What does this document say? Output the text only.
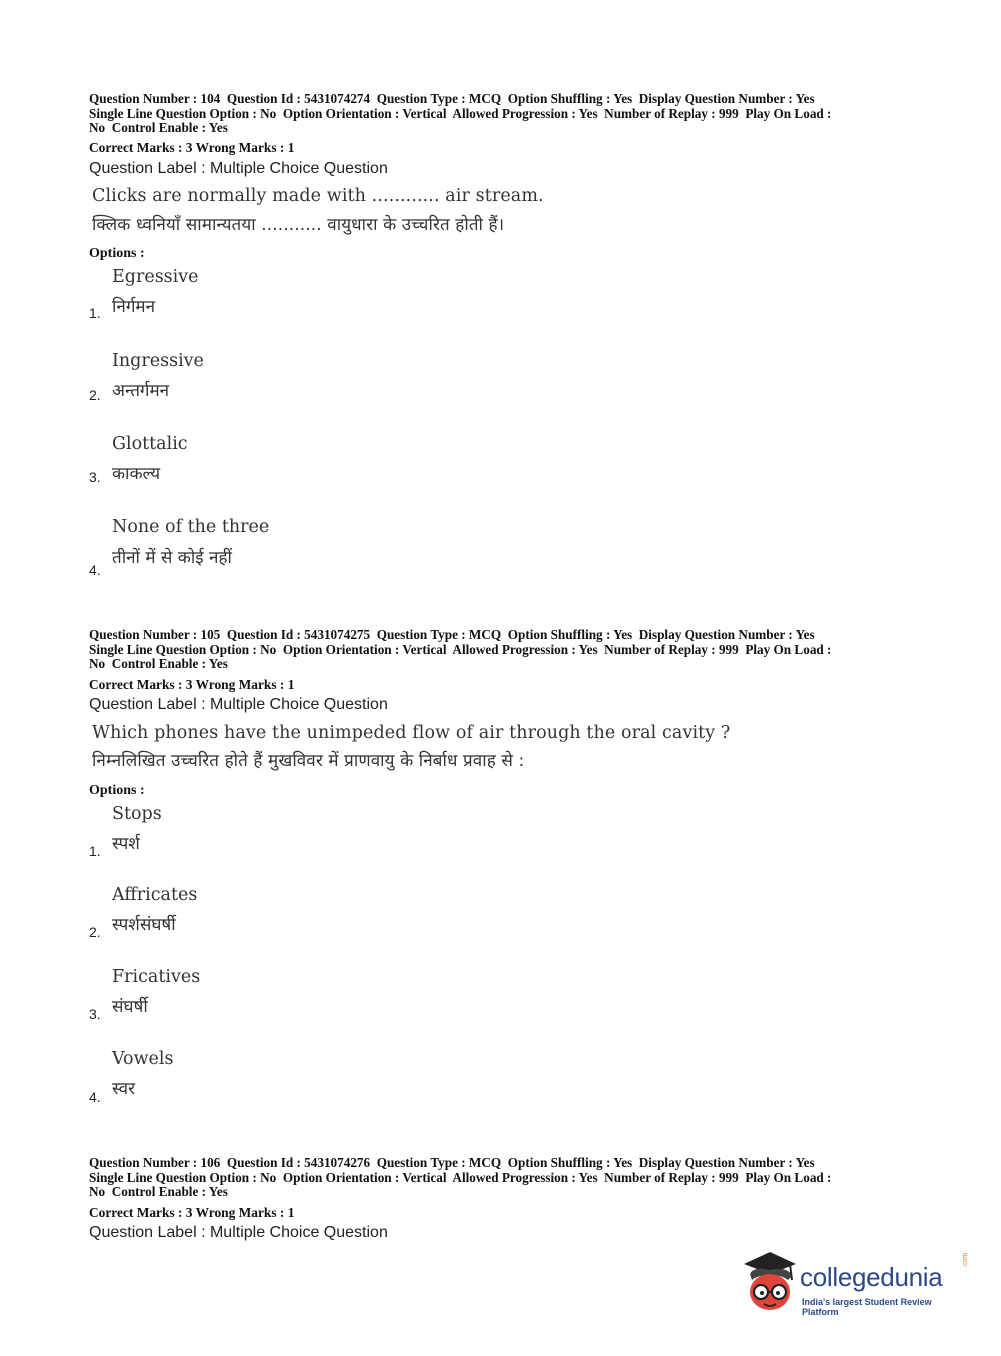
Question Number : 104  Question Id : 5431074274  Question Type : MCQ  Option Shuffling : Yes  Display Question Number : Yes
Single Line Question Option : No  Option Orientation : Vertical  Allowed Progression : Yes  Number of Replay : 999  Play On Load :
No  Control Enable : Yes
Correct Marks : 3 Wrong Marks : 1
Question Label : Multiple Choice Question
Clicks are normally made with ............ air stream.
क्लिक ध्वनियाँ सामान्यतया ........... वायुधारा के उच्चरित होती हैं।
Options :
Egressive
निर्गमन
1.
Ingressive
अन्तर्गमन
2.
Glottalic
काकल्य
3.
None of the three
तीनों में से कोई नहीं
4.
Question Number : 105  Question Id : 5431074275  Question Type : MCQ  Option Shuffling : Yes  Display Question Number : Yes
Single Line Question Option : No  Option Orientation : Vertical  Allowed Progression : Yes  Number of Replay : 999  Play On Load :
No  Control Enable : Yes
Correct Marks : 3 Wrong Marks : 1
Question Label : Multiple Choice Question
Which phones have the unimpeded flow of air through the oral cavity ?
निम्नलिखित उच्चरित होते हैं मुखविवर में प्राणवायु के निर्बाध प्रवाह से :
Options :
Stops
स्पर्श
1.
Affricates
स्पर्शसंघर्षी
2.
Fricatives
संघर्षी
3.
Vowels
स्वर
4.
Question Number : 106  Question Id : 5431074276  Question Type : MCQ  Option Shuffling : Yes  Display Question Number : Yes
Single Line Question Option : No  Option Orientation : Vertical  Allowed Progression : Yes  Number of Replay : 999  Play On Load :
No  Control Enable : Yes
Correct Marks : 3 Wrong Marks : 1
Question Label : Multiple Choice Question
collegedunia
.com
India's largest Student Review Platform
